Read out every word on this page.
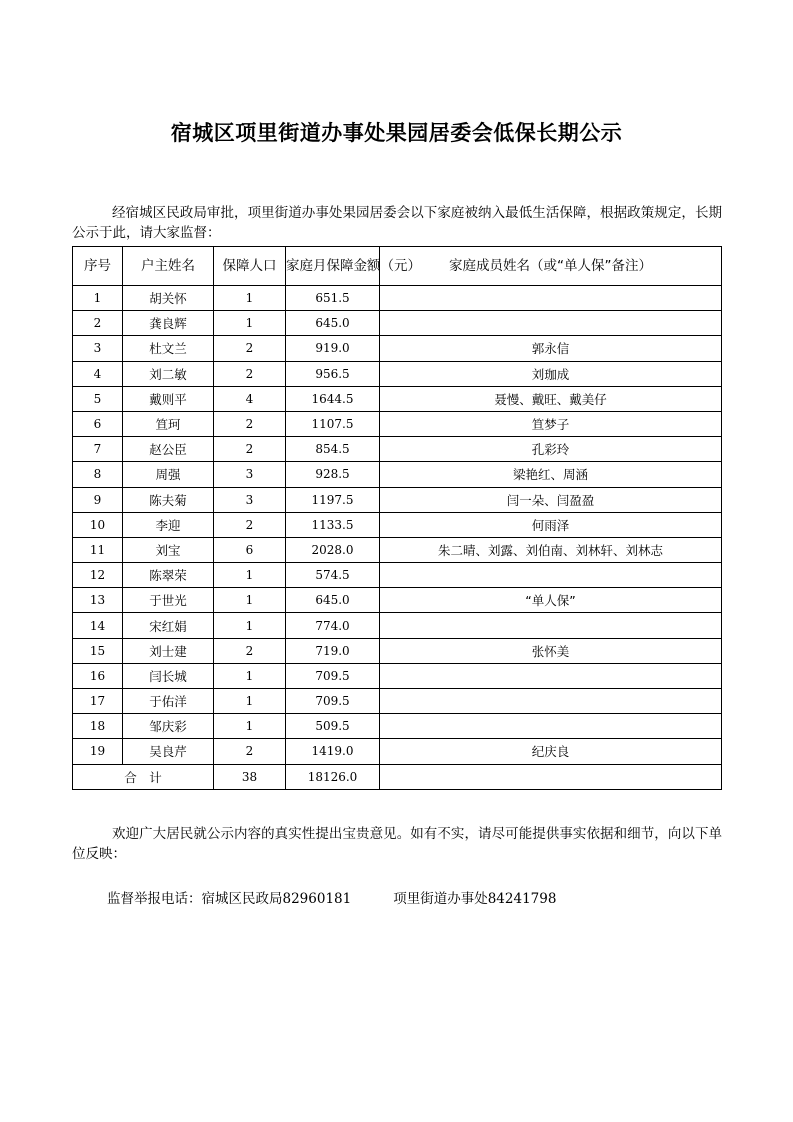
宿城区项里街道办事处果园居委会低保长期公示
经宿城区民政局审批，项里街道办事处果园居委会以下家庭被纳入最低生活保障，根据政策规定，长期公示于此，请大家监督：
序号	户主姓名	保障人口	家庭月保障金额（元）	家庭成员姓名（或“单人保”备注）
1	胡关怀	1	651.5	
2	龚良辉	1	645.0	
3	杜文兰	2	919.0	郭永信
4	刘二敏	2	956.5	刘珈成
5	戴则平	4	1644.5	聂慢、戴旺、戴美仔
6	笪珂	2	1107.5	笪梦子
7	赵公臣	2	854.5	孔彩玲
8	周强	3	928.5	梁艳红、周涵
9	陈夫菊	3	1197.5	闫一朵、闫盈盈
10	李迎	2	1133.5	何雨泽
11	刘宝	6	2028.0	朱二晴、刘露、刘伯南、刘林轩、刘林志
12	陈翠荣	1	574.5	
13	于世光	1	645.0	“单人保”
14	宋红娟	1	774.0	
15	刘士建	2	719.0	张怀美
16	闫长城	1	709.5	
17	于佑洋	1	709.5	
18	邹庆彩	1	509.5	
19	吴良芹	2	1419.0	纪庆良
合　计		38	18126.0	
欢迎广大居民就公示内容的真实性提出宝贵意见。如有不实，请尽可能提供事实依据和细节，向以下单位反映：
监督举报电话：宿城区民政局82960181	项里街道办事处84241798
